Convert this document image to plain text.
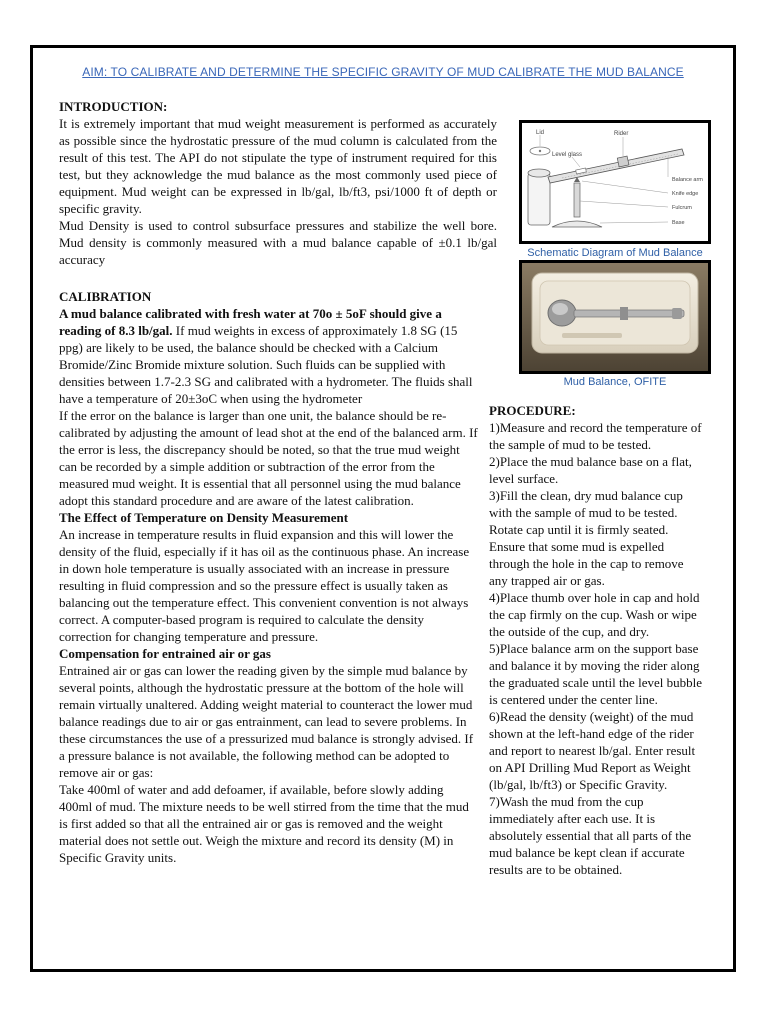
AIM: TO CALIBRATE AND DETERMINE THE SPECIFIC GRAVITY OF MUD CALIBRATE THE MUD BALANCE

INTRODUCTION:

It is extremely important that mud weight measurement is performed as accurately as possible since the hydrostatic pressure of the mud column is calculated from the result of this test. The API do not stipulate the type of instrument required for this test, but they acknowledge the mud balance as the most commonly used piece of equipment. Mud weight can be expressed in lb/gal, lb/ft3, psi/1000 ft of depth or specific gravity.

Mud Density is used to control subsurface pressures and stabilize the well bore. Mud density is commonly measured with a mud balance capable of ±0.1 lb/gal accuracy

Lid	Rider
Level glass
Balance arm
Knife edge
Fulcrum
Base
Schematic Diagram of Mud Balance
Mud Balance, OFITE

CALIBRATION

A mud balance calibrated with fresh water at 70o ± 5oF should give a reading of 8.3 lb/gal. If mud weights in excess of approximately 1.8 SG (15 ppg) are likely to be used, the balance should be checked with a Calcium Bromide/Zinc Bromide mixture solution. Such fluids can be supplied with densities between 1.7-2.3 SG and calibrated with a hydrometer. The fluids shall have a temperature of 20±3oC when using the hydrometer

If the error on the balance is larger than one unit, the balance should be re-calibrated by adjusting the amount of lead shot at the end of the balanced arm. If the error is less, the discrepancy should be noted, so that the true mud weight can be recorded by a simple addition or subtraction of the error from the measured mud weight. It is essential that all personnel using the mud balance adopt this standard procedure and are aware of the latest calibration.

The Effect of Temperature on Density Measurement

An increase in temperature results in fluid expansion and this will lower the density of the fluid, especially if it has oil as the continuous phase. An increase in down hole temperature is usually associated with an increase in pressure resulting in fluid compression and so the pressure effect is usually taken as balancing out the temperature effect. This convenient convention is not always correct. A computer-based program is required to calculate the density correction for changing temperature and pressure.

Compensation for entrained air or gas

Entrained air or gas can lower the reading given by the simple mud balance by several points, although the hydrostatic pressure at the bottom of the hole will remain virtually unaltered. Adding weight material to counteract the lower mud balance readings due to air or gas entrainment, can lead to severe problems. In these circumstances the use of a pressurized mud balance is strongly advised. If a pressure balance is not available, the following method can be adopted to remove air or gas:

Take 400ml of water and add defoamer, if available, before slowly adding 400ml of mud. The mixture needs to be well stirred from the time that the mud is first added so that all the entrained air or gas is removed and the weight material does not settle out. Weigh the mixture and record its density (M) in Specific Gravity units.

PROCEDURE:

1)Measure and record the temperature of the sample of mud to be tested.

2)Place the mud balance base on a flat, level surface.

3)Fill the clean, dry mud balance cup with the sample of mud to be tested. Rotate cap until it is firmly seated. Ensure that some mud is expelled through the hole in the cap to remove any trapped air or gas.

4)Place thumb over hole in cap and hold the cap firmly on the cup. Wash or wipe the outside of the cup, and dry.

5)Place balance arm on the support base and balance it by moving the rider along the graduated scale until the level bubble is centered under the center line.

6)Read the density (weight) of the mud shown at the left-hand edge of the rider and report to nearest lb/gal. Enter result on API Drilling Mud Report as Weight (lb/gal, lb/ft3) or Specific Gravity.

7)Wash the mud from the cup immediately after each use. It is absolutely essential that all parts of the mud balance be kept clean if accurate results are to be obtained.
